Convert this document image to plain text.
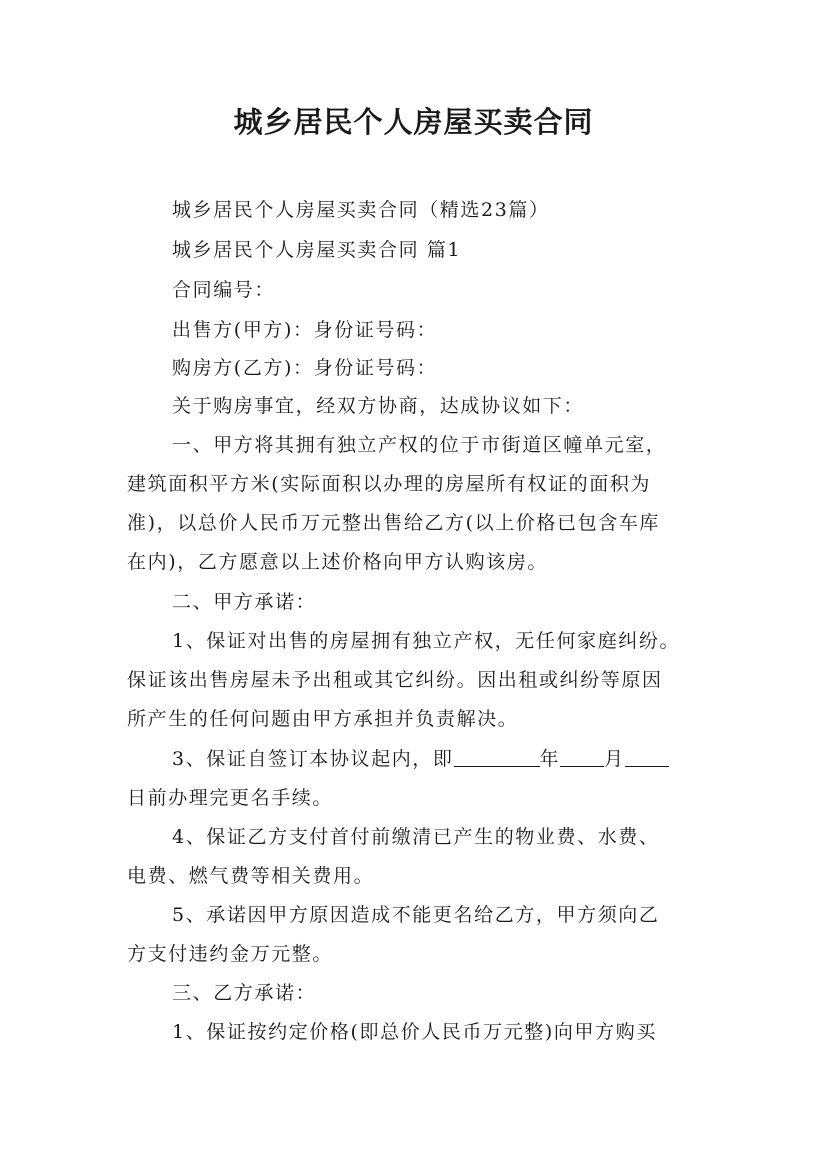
城乡居民个人房屋买卖合同
城乡居民个人房屋买卖合同（精选23篇）
城乡居民个人房屋买卖合同 篇1
合同编号：
出售方(甲方)：身份证号码：
购房方(乙方)：身份证号码：
关于购房事宜，经双方协商，达成协议如下：
一、甲方将其拥有独立产权的位于市街道区幢单元室，
建筑面积平方米(实际面积以办理的房屋所有权证的面积为
准)，以总价人民币万元整出售给乙方(以上价格已包含车库
在内)，乙方愿意以上述价格向甲方认购该房。
二、甲方承诺：
1、保证对出售的房屋拥有独立产权，无任何家庭纠纷。
保证该出售房屋未予出租或其它纠纷。因出租或纠纷等原因
所产生的任何问题由甲方承担并负责解决。
3、保证自签订本协议起内，即	年 月
日前办理完更名手续。
4、保证乙方支付首付前缴清已产生的物业费、水费、
电费、燃气费等相关费用。
5、承诺因甲方原因造成不能更名给乙方，甲方须向乙
方支付违约金万元整。
三、乙方承诺：
1、保证按约定价格(即总价人民币万元整)向甲方购买
